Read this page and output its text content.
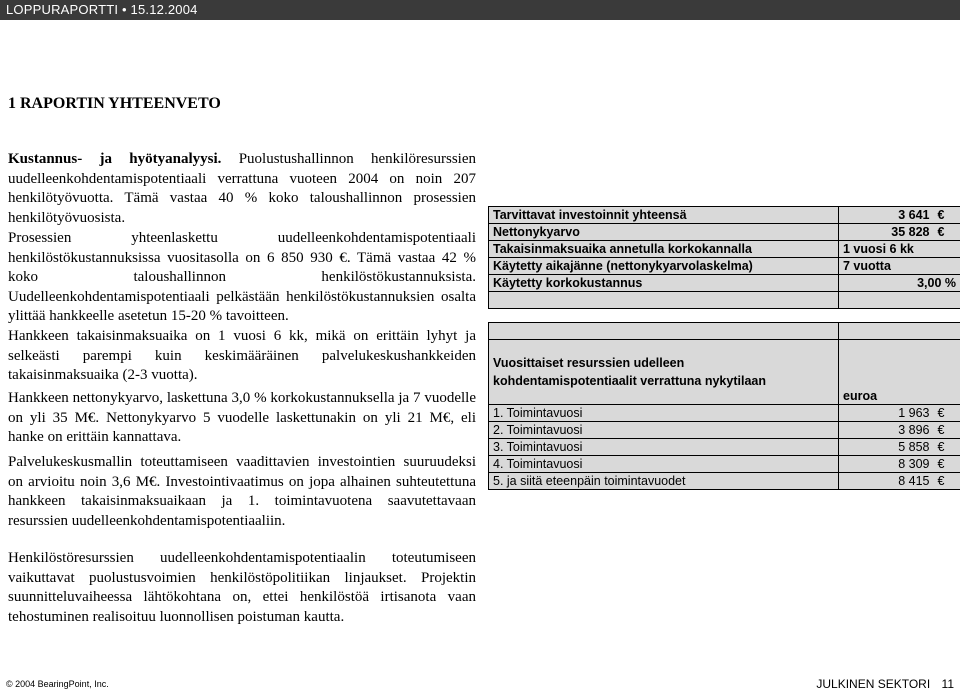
LOPPURAPORTTI • 15.12.2004
1 RAPORTIN YHTEENVETO

Kustannus- ja hyötyanalyysi. Puolustushallinnon henkilöresurssien uudelleenkohdentamispotentiaali verrattuna vuoteen 2004 on noin 207 henkilötyövuotta. Tämä vastaa 40 % koko taloushallinnon prosessien henkilötyövuosista.

Prosessien yhteenlaskettu uudelleenkohdentamispotentiaali henkilöstökustannuksissa vuositasolla on 6 850 930 €. Tämä vastaa 42 % koko taloushallinnon henkilöstökustannuksista. Uudelleenkohdentamispotentiaali pelkästään henkilöstökustannuksien osalta ylittää hankkeelle asetetun 15-20 % tavoitteen.

Hankkeen takaisinmaksuaika on 1 vuosi 6 kk, mikä on erittäin lyhyt ja selkeästi parempi kuin keskimääräinen palvelukeskushankkeiden takaisinmaksuaika (2-3 vuotta).

Hankkeen nettonykyarvo, laskettuna 3,0 % korkokustannuksella ja 7 vuodelle on yli 35 M€. Nettonykyarvo 5 vuodelle laskettunakin on yli 21 M€, eli hanke on erittäin kannattava.

Palvelukeskusmallin toteuttamiseen vaadittavien investointien suuruudeksi on arvioitu noin 3,6 M€. Investointivaatimus on jopa alhainen suhteutettuna hankkeen takaisinmaksuaikaan ja 1. toimintavuotena saavutettavaan resurssien uudelleenkohdentamispotentiaaliin.

Henkilöstöresurssien uudelleenkohdentamispotentiaalin toteutumiseen vaikuttavat puolustusvoimien henkilöstöpolitiikan linjaukset. Projektin suunnitteluvaiheessa lähtökohtana on, ettei henkilöstöä irtisanota vaan tehostuminen realisoituu luonnollisen poistuman kautta.

Tarvittavat investoinnit yhteensä	3 641	€
Nettonykyarvo	35 828	€
Takaisinmaksuaika annetulla korkokannalla	1 vuosi 6 kk	
Käytetty aikajänne (nettonykyarvolaskelma)	7 vuotta	
Käytetty korkokustannus	3,00 %	

Vuosittaiset resurssien udelleen
kohdentamispotentiaalit verrattuna nykytilaan	euroa	
1. Toimintavuosi	1 963	€
2. Toimintavuosi	3 896	€
3. Toimintavuosi	5 858	€
4. Toimintavuosi	8 309	€
5. ja siitä eteenpäin toimintavuodet	8 415	€
© 2004 BearingPoint, Inc.	JULKINEN SEKTORI 11
